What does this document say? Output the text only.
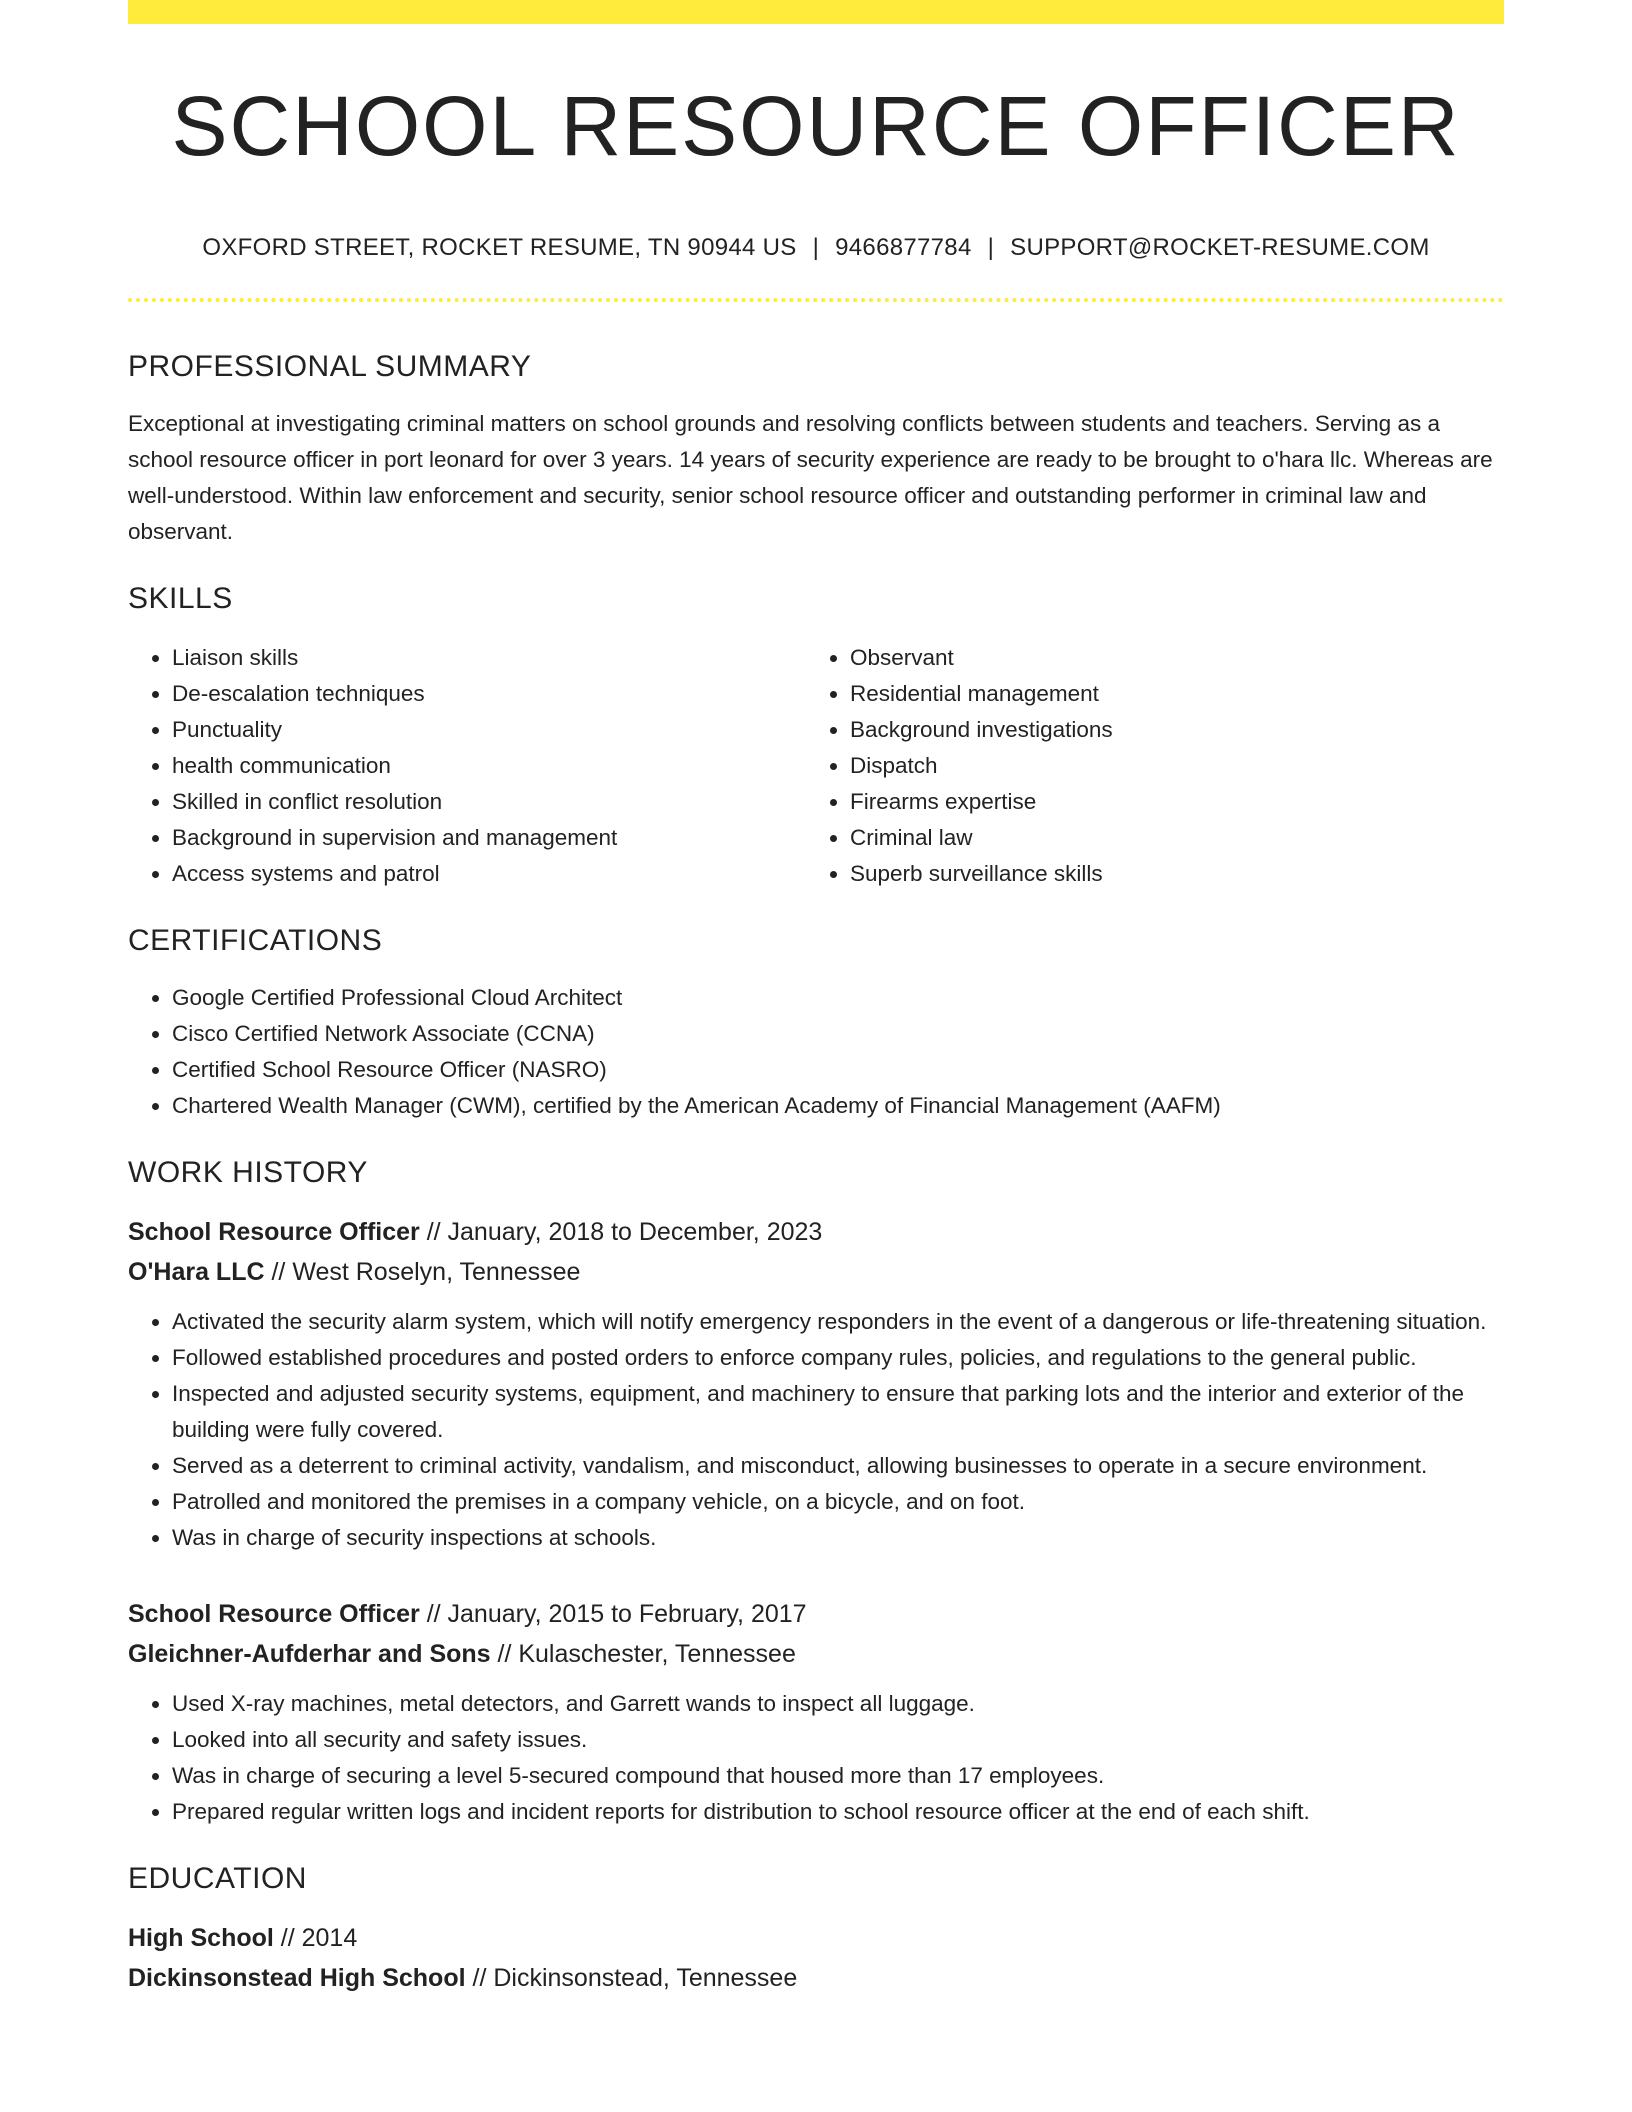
SCHOOL RESOURCE OFFICER
OXFORD STREET, ROCKET RESUME, TN 90944 US | 9466877784 | SUPPORT@ROCKET-RESUME.COM
PROFESSIONAL SUMMARY
Exceptional at investigating criminal matters on school grounds and resolving conflicts between students and teachers. Serving as a school resource officer in port leonard for over 3 years. 14 years of security experience are ready to be brought to o'hara llc. Whereas are well-understood. Within law enforcement and security, senior school resource officer and outstanding performer in criminal law and observant.
SKILLS
• Liaison skills
• De-escalation techniques
• Punctuality
• health communication
• Skilled in conflict resolution
• Background in supervision and management
• Access systems and patrol
• Observant
• Residential management
• Background investigations
• Dispatch
• Firearms expertise
• Criminal law
• Superb surveillance skills
CERTIFICATIONS
• Google Certified Professional Cloud Architect
• Cisco Certified Network Associate (CCNA)
• Certified School Resource Officer (NASRO)
• Chartered Wealth Manager (CWM), certified by the American Academy of Financial Management (AAFM)
WORK HISTORY
School Resource Officer // January, 2018 to December, 2023
O'Hara LLC // West Roselyn, Tennessee
• Activated the security alarm system, which will notify emergency responders in the event of a dangerous or life-threatening situation.
• Followed established procedures and posted orders to enforce company rules, policies, and regulations to the general public.
• Inspected and adjusted security systems, equipment, and machinery to ensure that parking lots and the interior and exterior of the building were fully covered.
• Served as a deterrent to criminal activity, vandalism, and misconduct, allowing businesses to operate in a secure environment.
• Patrolled and monitored the premises in a company vehicle, on a bicycle, and on foot.
• Was in charge of security inspections at schools.
School Resource Officer // January, 2015 to February, 2017
Gleichner-Aufderhar and Sons // Kulaschester, Tennessee
• Used X-ray machines, metal detectors, and Garrett wands to inspect all luggage.
• Looked into all security and safety issues.
• Was in charge of securing a level 5-secured compound that housed more than 17 employees.
• Prepared regular written logs and incident reports for distribution to school resource officer at the end of each shift.
EDUCATION
High School // 2014
Dickinsonstead High School // Dickinsonstead, Tennessee
